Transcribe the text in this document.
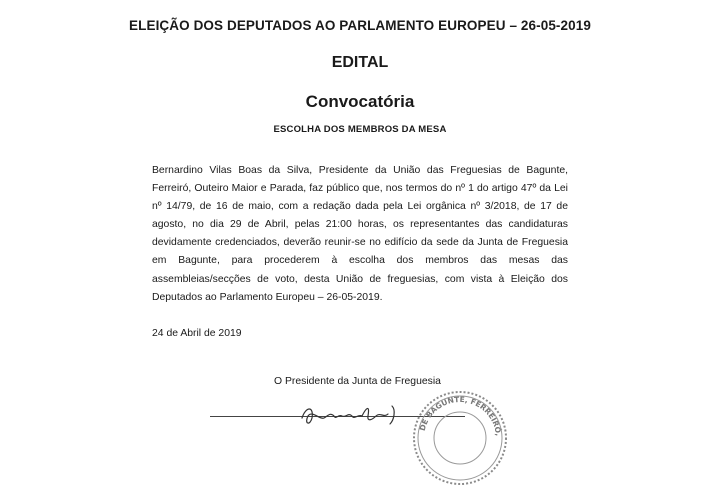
ELEIÇÃO DOS DEPUTADOS AO PARLAMENTO EUROPEU – 26-05-2019
EDITAL
Convocatória
ESCOLHA DOS MEMBROS DA MESA
Bernardino Vilas Boas da Silva, Presidente da União das Freguesias de Bagunte, Ferreiró, Outeiro Maior e Parada, faz público que, nos termos do nº 1 do artigo 47º da Lei nº 14/79, de 16 de maio, com a redação dada pela Lei orgânica nº 3/2018, de 17 de agosto, no dia 29 de Abril, pelas 21:00 horas, os representantes das candidaturas devidamente credenciados, deverão reunir-se no edifício da sede da Junta de Freguesia em Bagunte, para procederem à escolha dos membros das mesas das assembleias/secções de voto, desta União de freguesias, com vista à Eleição dos Deputados ao Parlamento Europeu – 26-05-2019.
24 de Abril de 2019
O Presidente da Junta de Freguesia
DE BAGUNTE, FERREIRÓ,
